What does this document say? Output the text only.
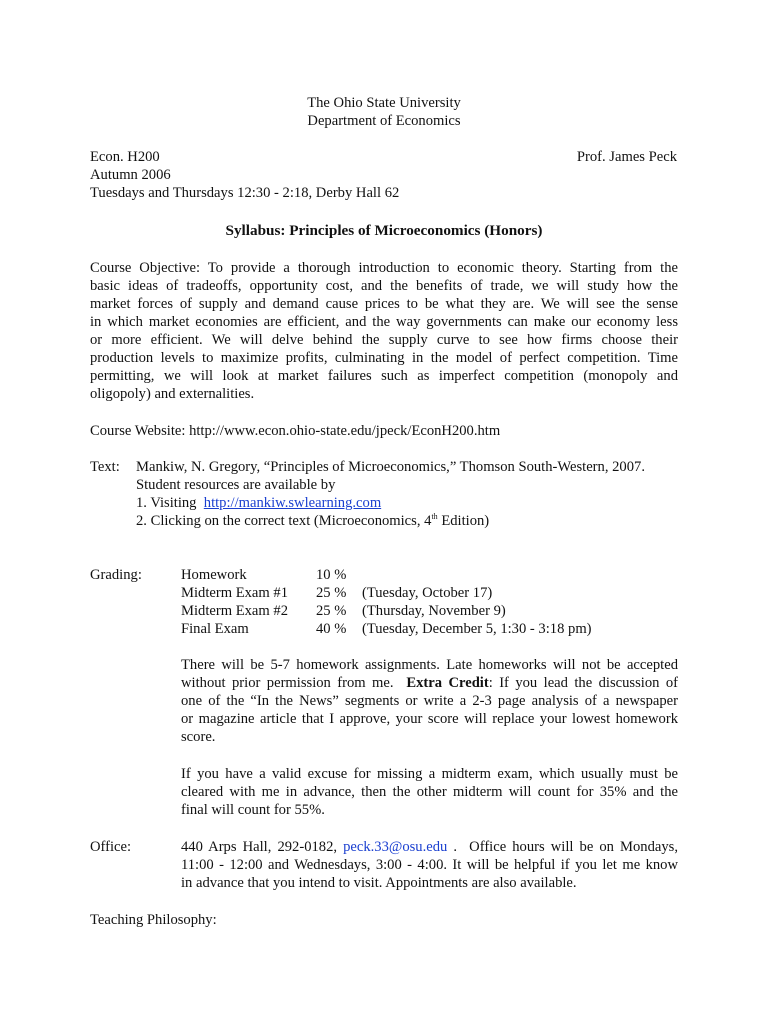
The Ohio State University
Department of Economics
Econ. H200	Prof. James Peck
Autumn 2006
Tuesdays and Thursdays 12:30 - 2:18, Derby Hall 62
Syllabus: Principles of Microeconomics (Honors)
Course Objective: To provide a thorough introduction to economic theory. Starting from the
basic ideas of tradeoffs, opportunity cost, and the benefits of trade, we will study how the
market forces of supply and demand cause prices to be what they are. We will see the sense
in which market economies are efficient, and the way governments can make our economy less
or more efficient. We will delve behind the supply curve to see how firms choose their
production levels to maximize profits, culminating in the model of perfect competition. Time
permitting, we will look at market failures such as imperfect competition (monopoly and
oligopoly) and externalities.
Course Website: http://www.econ.ohio-state.edu/jpeck/EconH200.htm
Text: Mankiw, N. Gregory, “Principles of Microeconomics,” Thomson South-Western, 2007.
Student resources are available by
1. Visiting  http://mankiw.swlearning.com
2. Clicking on the correct text (Microeconomics, 4th Edition)
Grading:	Homework	10 %
Midterm Exam #1 25 % (Tuesday, October 17)
Midterm Exam #2 25 % (Thursday, November 9)
Final Exam	40 % (Tuesday, December 5, 1:30 - 3:18 pm)
There will be 5-7 homework assignments. Late homeworks will not be accepted
without prior permission from me.  Extra Credit: If you lead the discussion of
one of the “In the News” segments or write a 2-3 page analysis of a newspaper
or magazine article that I approve, your score will replace your lowest homework
score.
If you have a valid excuse for missing a midterm exam, which usually must be
cleared with me in advance, then the other midterm will count for 35% and the
final will count for 55%.
Office:	440 Arps Hall, 292-0182, peck.33@osu.edu .  Office hours will be on Mondays,
11:00 - 12:00 and Wednesdays, 3:00 - 4:00. It will be helpful if you let me know
in advance that you intend to visit. Appointments are also available.
Teaching Philosophy:
